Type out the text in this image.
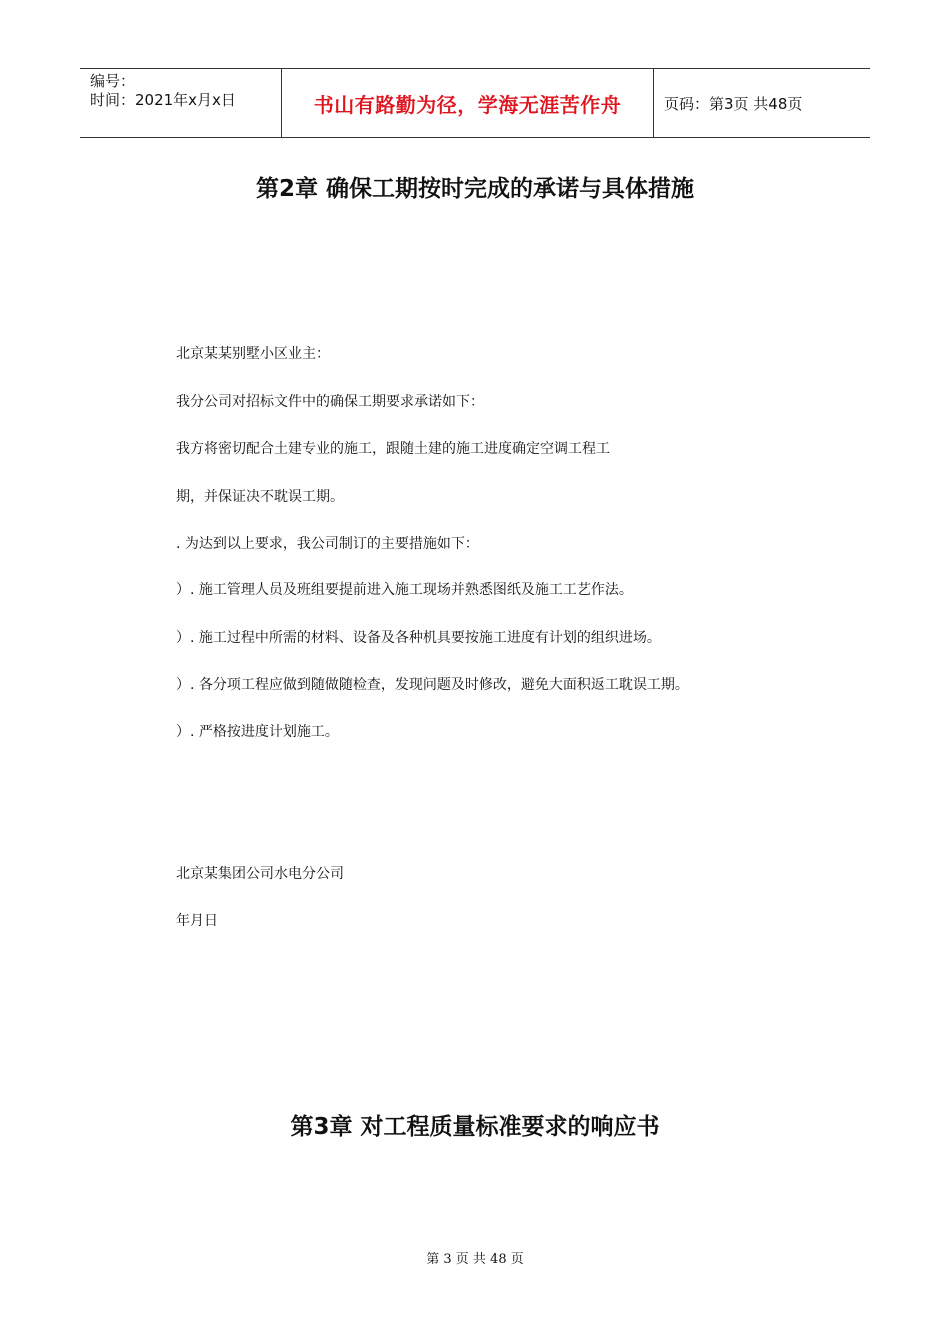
编号：
时间：2021年x月x日	书山有路勤为径，学海无涯苦作舟	页码：第3页 共48页
第2章 确保工期按时完成的承诺与具体措施

北京某某别墅小区业主：

我分公司对招标文件中的确保工期要求承诺如下：

我方将密切配合土建专业的施工，跟随土建的施工进度确定空调工程工

期，并保证决不耽误工期。

. 为达到以上要求，我公司制订的主要措施如下：

）. 施工管理人员及班组要提前进入施工现场并熟悉图纸及施工工艺作法。

）. 施工过程中所需的材料、设备及各种机具要按施工进度有计划的组织进场。

）. 各分项工程应做到随做随检查，发现问题及时修改，避免大面积返工耽误工期。

）. 严格按进度计划施工。

北京某集团公司水电分公司

年月日

第3章 对工程质量标准要求的响应书
第 3 页 共 48 页
